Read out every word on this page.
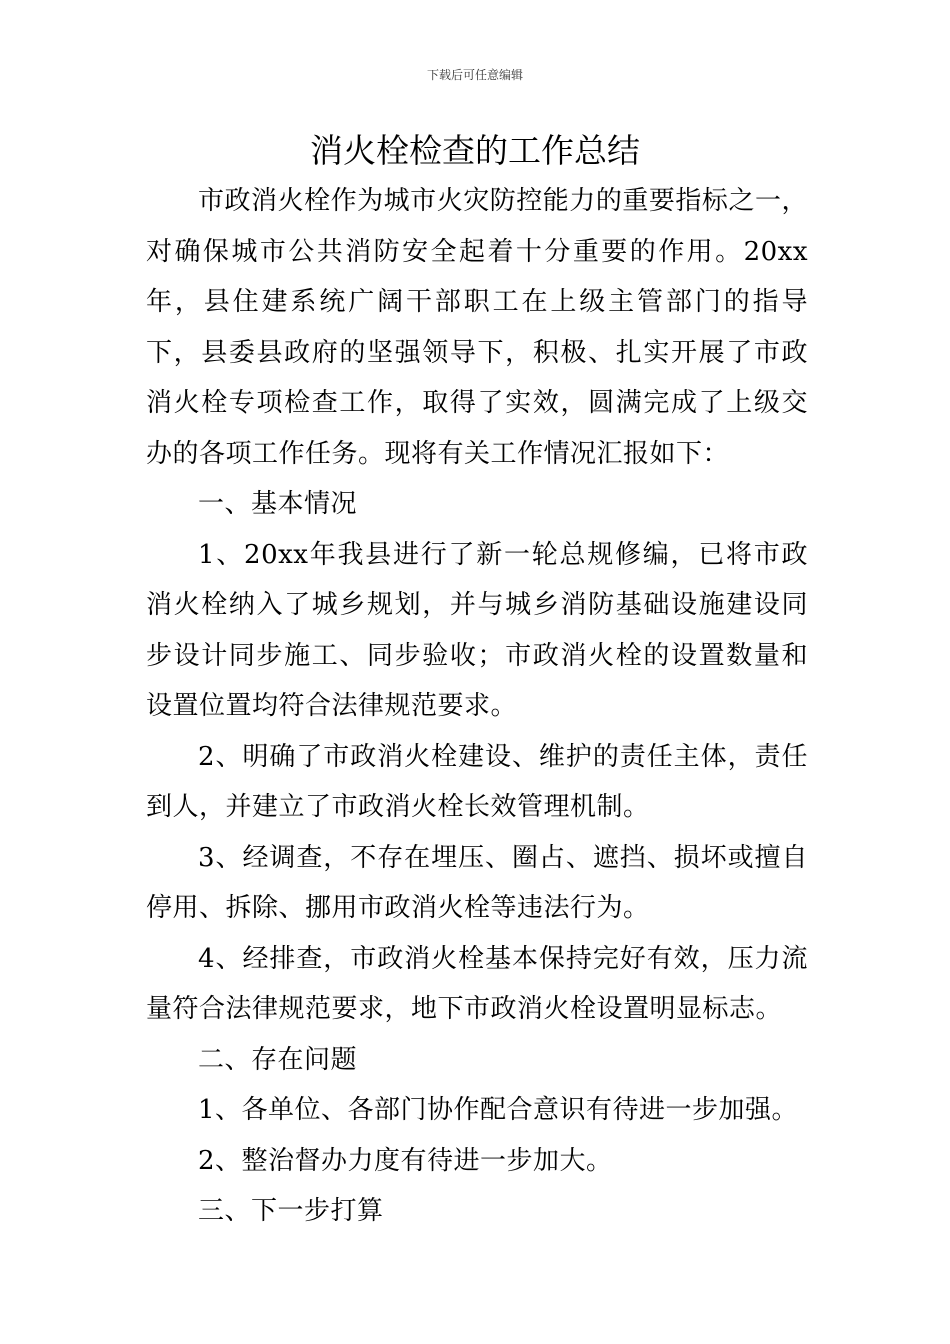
下载后可任意编辑
消火栓检查的工作总结

市政消火栓作为城市火灾防控能力的重要指标之一，对确保城市公共消防安全起着十分重要的作用。20xx年，县住建系统广阔干部职工在上级主管部门的指导下，县委县政府的坚强领导下，积极、扎实开展了市政消火栓专项检查工作，取得了实效，圆满完成了上级交办的各项工作任务。现将有关工作情况汇报如下：

一、基本情况

1、20xx年我县进行了新一轮总规修编，已将市政消火栓纳入了城乡规划，并与城乡消防基础设施建设同步设计同步施工、同步验收；市政消火栓的设置数量和设置位置均符合法律规范要求。

2、明确了市政消火栓建设、维护的责任主体，责任到人，并建立了市政消火栓长效管理机制。

3、经调查，不存在埋压、圈占、遮挡、损坏或擅自停用、拆除、挪用市政消火栓等违法行为。

4、经排查，市政消火栓基本保持完好有效，压力流量符合法律规范要求，地下市政消火栓设置明显标志。

二、存在问题

1、各单位、各部门协作配合意识有待进一步加强。

2、整治督办力度有待进一步加大。

三、下一步打算
